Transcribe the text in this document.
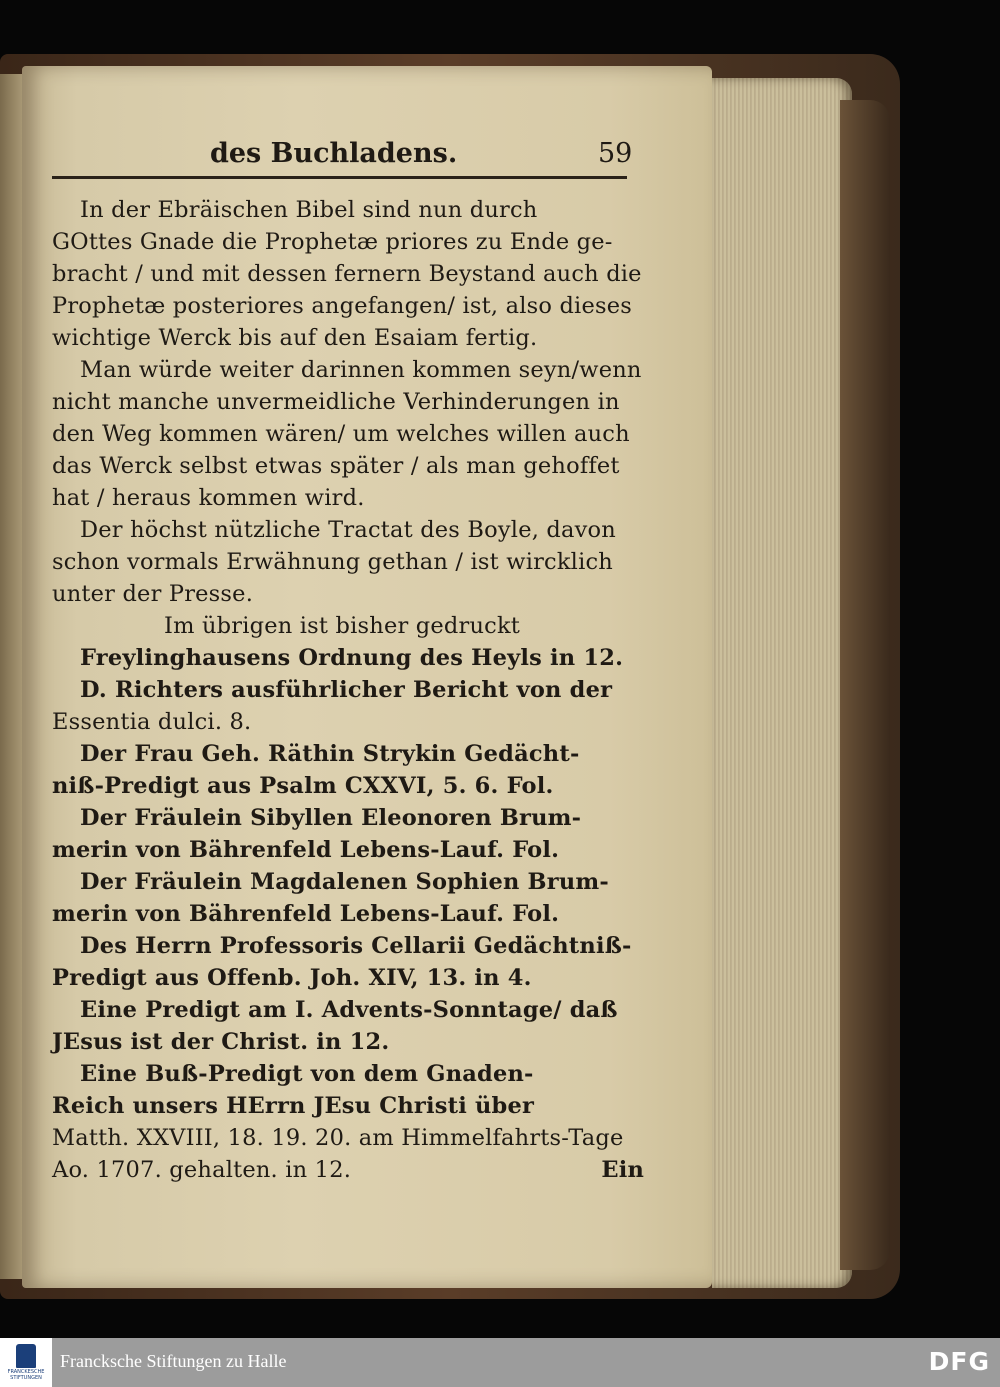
des Buchladens.	59
In der Ebräischen Bibel sind nun durch
GOttes Gnade die Prophetæ priores zu Ende ge-
bracht / und mit dessen fernern Beystand auch die
Prophetæ posteriores angefangen/ ist, also dieses
wichtige Werck bis auf den Esaiam fertig.
Man würde weiter darinnen kommen seyn/wenn
nicht manche unvermeidliche Verhinderungen in
den Weg kommen wären/ um welches willen auch
das Werck selbst etwas später / als man gehoffet
hat / heraus kommen wird.
Der höchst nützliche Tractat des Boyle, davon
schon vormals Erwähnung gethan / ist wircklich
unter der Presse.
Im übrigen ist bisher gedruckt
Freylinghausens Ordnung des Heyls in 12.
D. Richters ausführlicher Bericht von der
Essentia dulci. 8.
Der Frau Geh. Räthin Strykin Gedächt-
niß-Predigt aus Psalm CXXVI, 5. 6. Fol.
Der Fräulein Sibyllen Eleonoren Brum-
merin von Bährenfeld Lebens-Lauf. Fol.
Der Fräulein Magdalenen Sophien Brum-
merin von Bährenfeld Lebens-Lauf. Fol.
Des Herrn Professoris Cellarii Gedächtniß-
Predigt aus Offenb. Joh. XIV, 13. in 4.
Eine Predigt am I. Advents-Sonntage/ daß
JEsus ist der Christ. in 12.
Eine Buß-Predigt von dem Gnaden-
Reich unsers HErrn JEsu Christi über
Matth. XXVIII, 18. 19. 20. am Himmelfahrts-Tage
Ao. 1707. gehalten. in 12.	Ein
FRANCKESCHE STIFTUNGEN
Francksche Stiftungen zu Halle	DFG
